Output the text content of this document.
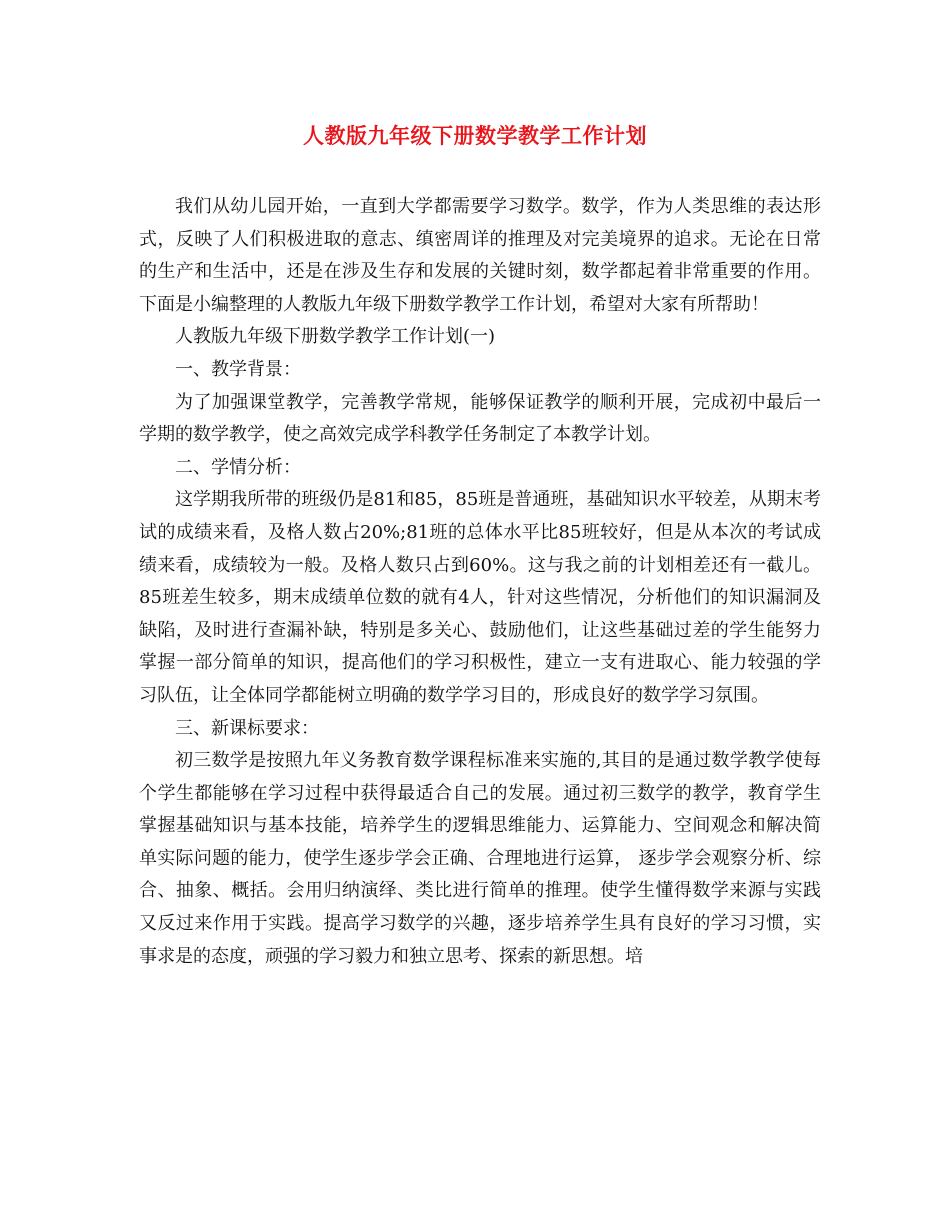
人教版九年级下册数学教学工作计划

我们从幼儿园开始，一直到大学都需要学习数学。数学，作为人类思维的表达形式，反映了人们积极进取的意志、缜密周详的推理及对完美境界的追求。无论在日常的生产和生活中，还是在涉及生存和发展的关键时刻，数学都起着非常重要的作用。下面是小编整理的人教版九年级下册数学教学工作计划，希望对大家有所帮助！

人教版九年级下册数学教学工作计划(一)

一、教学背景：

为了加强课堂教学，完善教学常规，能够保证教学的顺利开展，完成初中最后一学期的数学教学，使之高效完成学科教学任务制定了本教学计划。

二、学情分析：

这学期我所带的班级仍是81和85，85班是普通班，基础知识水平较差，从期末考试的成绩来看，及格人数占20%;81班的总体水平比85班较好，但是从本次的考试成绩来看，成绩较为一般。及格人数只占到60%。这与我之前的计划相差还有一截儿。85班差生较多，期末成绩单位数的就有4人，针对这些情况，分析他们的知识漏洞及缺陷，及时进行查漏补缺，特别是多关心、鼓励他们，让这些基础过差的学生能努力掌握一部分简单的知识，提高他们的学习积极性，建立一支有进取心、能力较强的学习队伍，让全体同学都能树立明确的数学学习目的，形成良好的数学学习氛围。

三、新课标要求：

初三数学是按照九年义务教育数学课程标准来实施的,其目的是通过数学教学使每个学生都能够在学习过程中获得最适合自己的发展。通过初三数学的教学，教育学生掌握基础知识与基本技能，培养学生的逻辑思维能力、运算能力、空间观念和解决简单实际问题的能力，使学生逐步学会正确、合理地进行运算， 逐步学会观察分析、综合、抽象、概括。会用归纳演绎、类比进行简单的推理。使学生懂得数学来源与实践又反过来作用于实践。提高学习数学的兴趣，逐步培养学生具有良好的学习习惯，实事求是的态度，顽强的学习毅力和独立思考、探索的新思想。培
